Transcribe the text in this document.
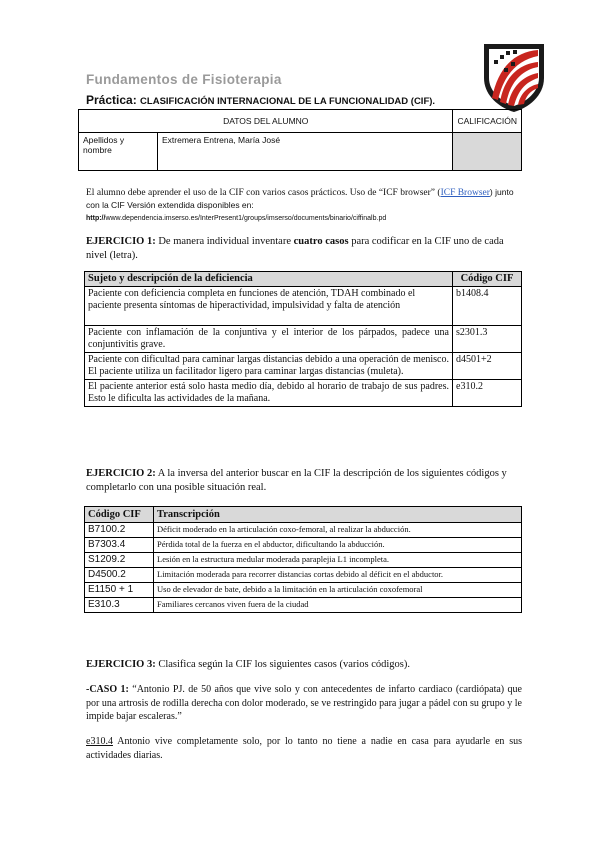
Fundamentos de Fisioterapia
Práctica: CLASIFICACIÓN INTERNACIONAL DE LA FUNCIONALIDAD (CIF).
DATOS DEL ALUMNO		CALIFICACIÓN
Apellidos y nombre	Extremera Entrena, María José	
El alumno debe aprender el uso de la CIF con varios casos prácticos. Uso de “ICF browser” (ICF Browser) junto con la CIF Versión extendida disponibles en:
http://www.dependencia.imserso.es/InterPresent1/groups/imserso/documents/binario/ciffinalb.pd
EJERCICIO 1: De manera individual inventare cuatro casos para codificar en la CIF uno de cada nivel (letra).
Sujeto y descripción de la deficiencia	Código CIF
Paciente con deficiencia completa en funciones de atención, TDAH combinado el paciente presenta síntomas de hiperactividad, impulsividad y falta de atención	b1408.4
Paciente con inflamación de la conjuntiva y el interior de los párpados, padece una conjuntivitis grave.	s2301.3
Paciente con dificultad para caminar largas distancias debido a una operación de menisco. El paciente utiliza un facilitador ligero para caminar largas distancias (muleta).	d4501+2
El paciente anterior está solo hasta medio día, debido al horario de trabajo de sus padres. Esto le dificulta las actividades de la mañana.	e310.2
EJERCICIO 2: A la inversa del anterior buscar en la CIF la descripción de los siguientes códigos y completarlo con una posible situación real.
Código CIF	Transcripción
B7100.2	Déficit moderado en la articulación coxo-femoral, al realizar la abducción.
B7303.4	Pérdida total de la fuerza en el abductor, dificultando la abducción.
S1209.2	Lesión en la estructura medular moderada paraplejia L1 incompleta.
D4500.2	Limitación moderada para recorrer distancias cortas debido al déficit en el abductor.
E1150 + 1	Uso de elevador de bate, debido a la limitación en la articulación coxofemoral
E310.3	Familiares cercanos viven fuera de la ciudad
EJERCICIO 3: Clasifica según la CIF los siguientes casos (varios códigos).
-CASO 1: “Antonio PJ. de 50 años que vive solo y con antecedentes de infarto cardiaco (cardiópata) que por una artrosis de rodilla derecha con dolor moderado, se ve restringido para jugar a pádel con su grupo y le impide bajar escaleras.”
e310.4 Antonio vive completamente solo, por lo tanto no tiene a nadie en casa para ayudarle en sus actividades diarias.
